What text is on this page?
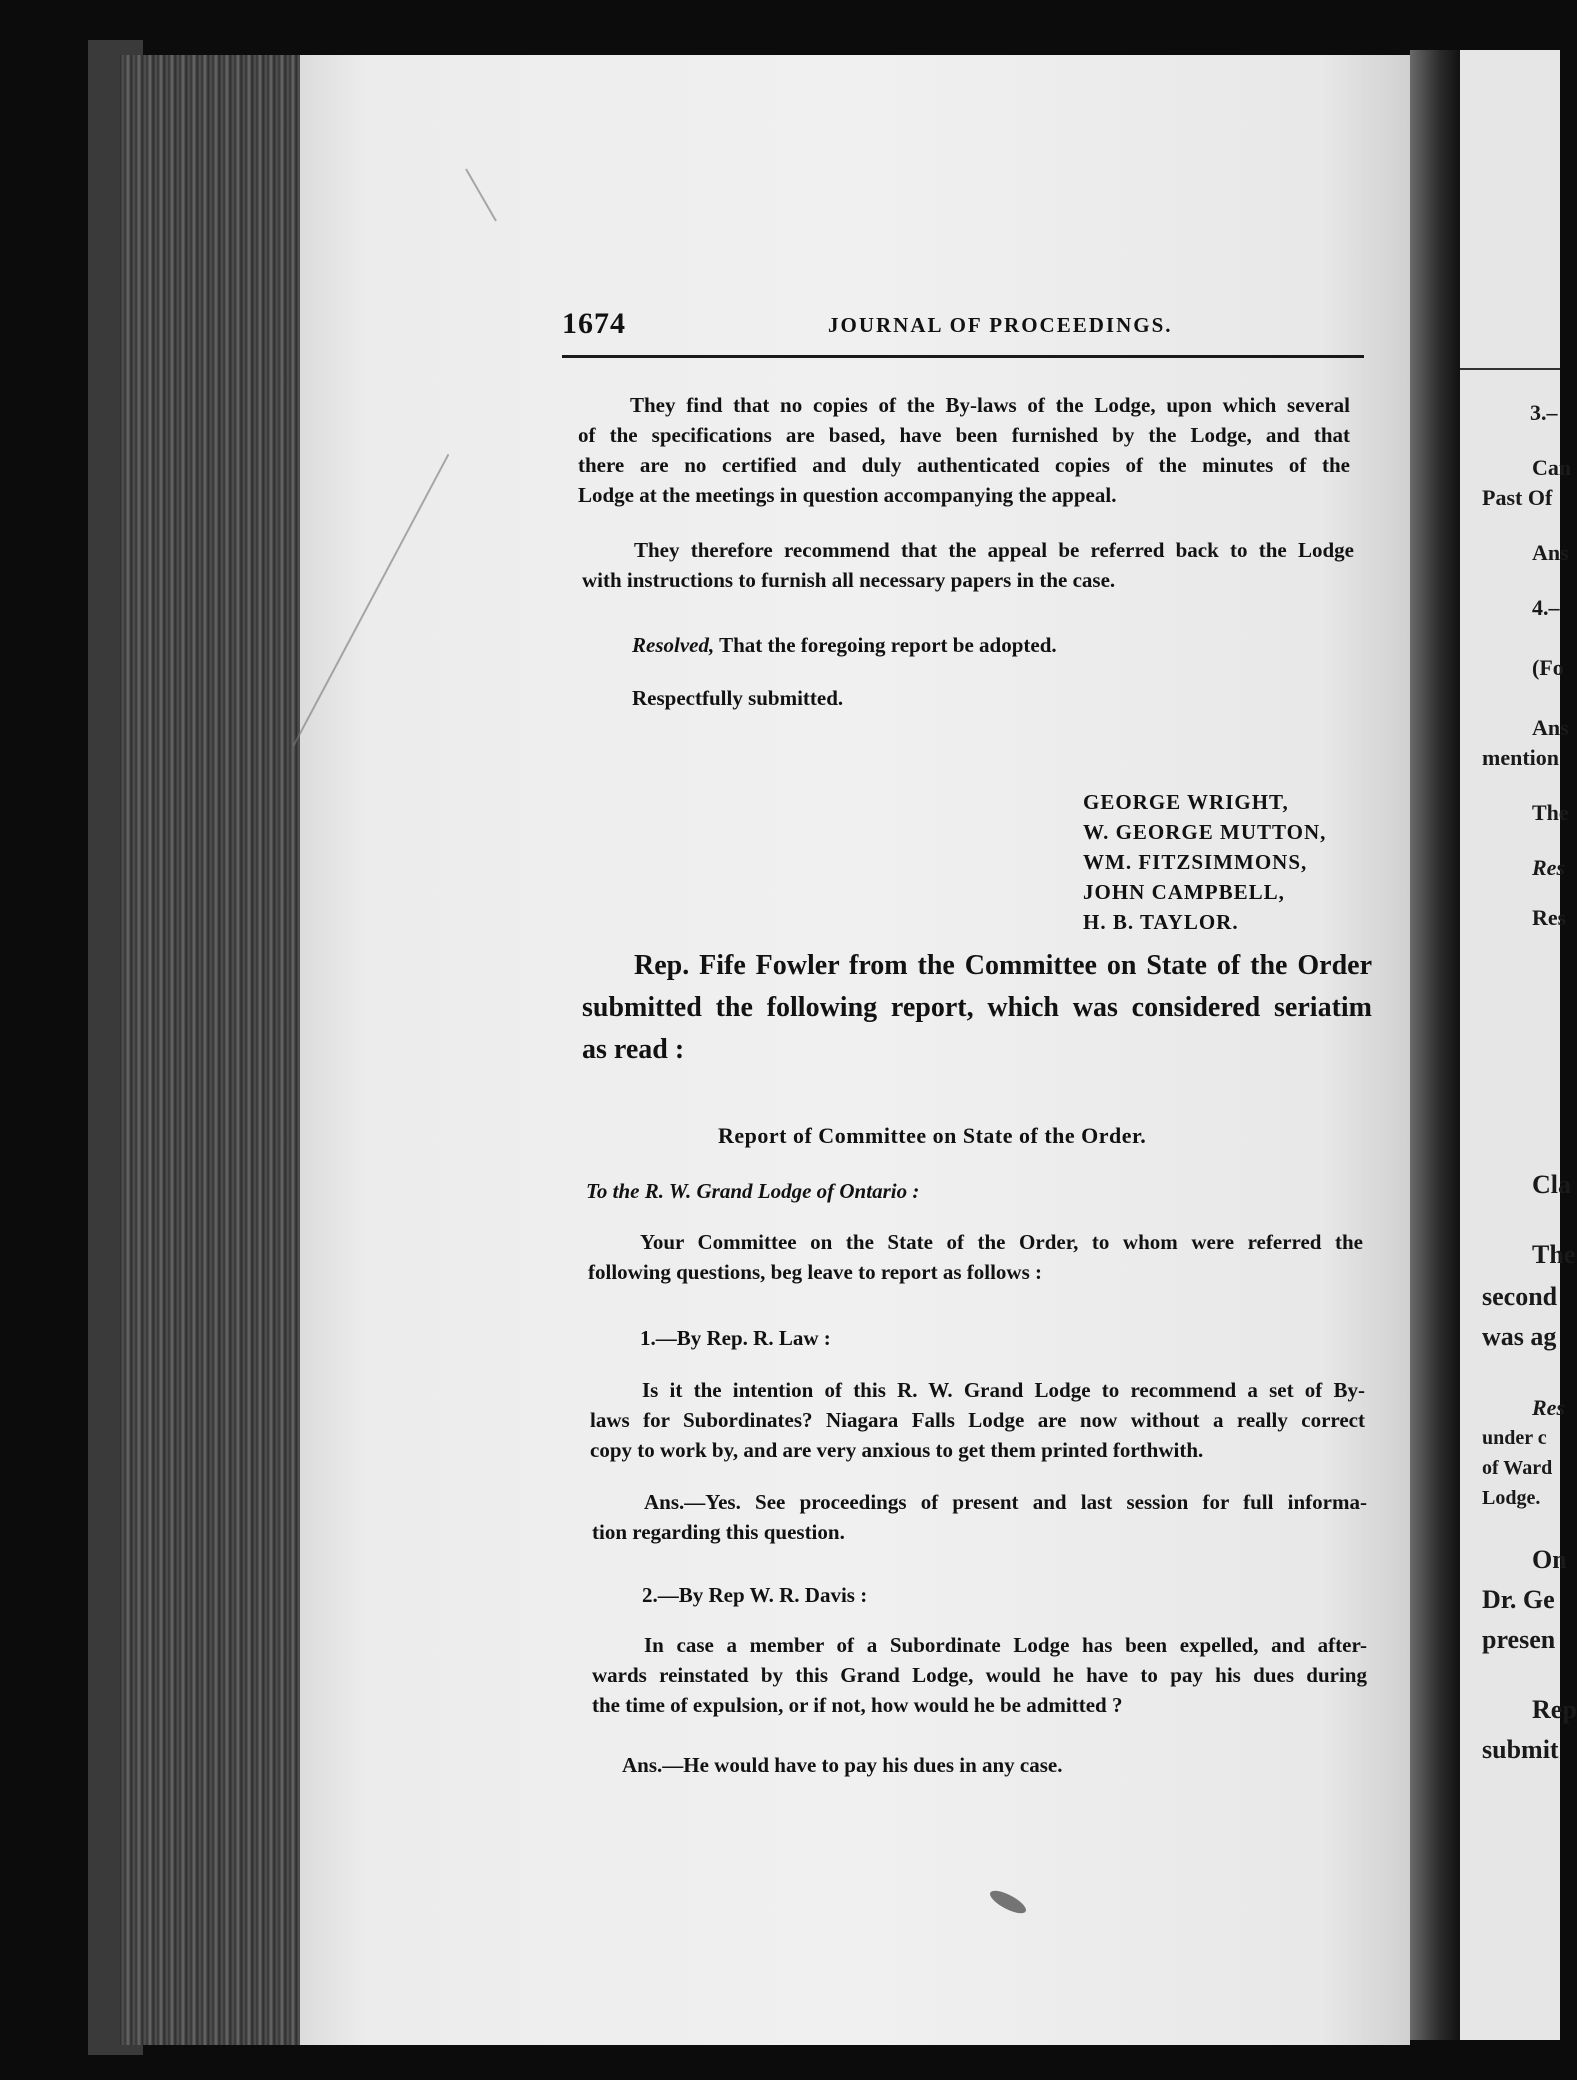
3.–
Can
Past Of
Ans
4.–
(Fo
Ans
mention
The
Res
Res
Cla
The
second
was ag
Res
under c
of Ward
Lodge.
On
Dr. Ge
presen
Rep
submit
1674	JOURNAL OF PROCEEDINGS.
They find that no copies of the By-laws of the Lodge, upon which several
of the specifications are based, have been furnished by the Lodge, and that
there are no certified and duly authenticated copies of the minutes of the
Lodge at the meetings in question accompanying the appeal.
They therefore recommend that the appeal be referred back to the Lodge
with instructions to furnish all necessary papers in the case.
Resolved, That the foregoing report be adopted.
Respectfully submitted.
GEORGE WRIGHT,
W. GEORGE MUTTON,
WM. FITZSIMMONS,
JOHN CAMPBELL,
H. B. TAYLOR.
Rep. Fife Fowler from the Committee on State of the Order
submitted the following report, which was considered seriatim
as read :
Report of Committee on State of the Order.
To the R. W. Grand Lodge of Ontario :
Your Committee on the State of the Order, to whom were referred the
following questions, beg leave to report as follows :
1.—By Rep. R. Law :
Is it the intention of this R. W. Grand Lodge to recommend a set of By-
laws for Subordinates? Niagara Falls Lodge are now without a really correct
copy to work by, and are very anxious to get them printed forthwith.
Ans.—Yes. See proceedings of present and last session for full informa-
tion regarding this question.
2.—By Rep W. R. Davis :
In case a member of a Subordinate Lodge has been expelled, and after-
wards reinstated by this Grand Lodge, would he have to pay his dues during
the time of expulsion, or if not, how would he be admitted ?
Ans.—He would have to pay his dues in any case.
